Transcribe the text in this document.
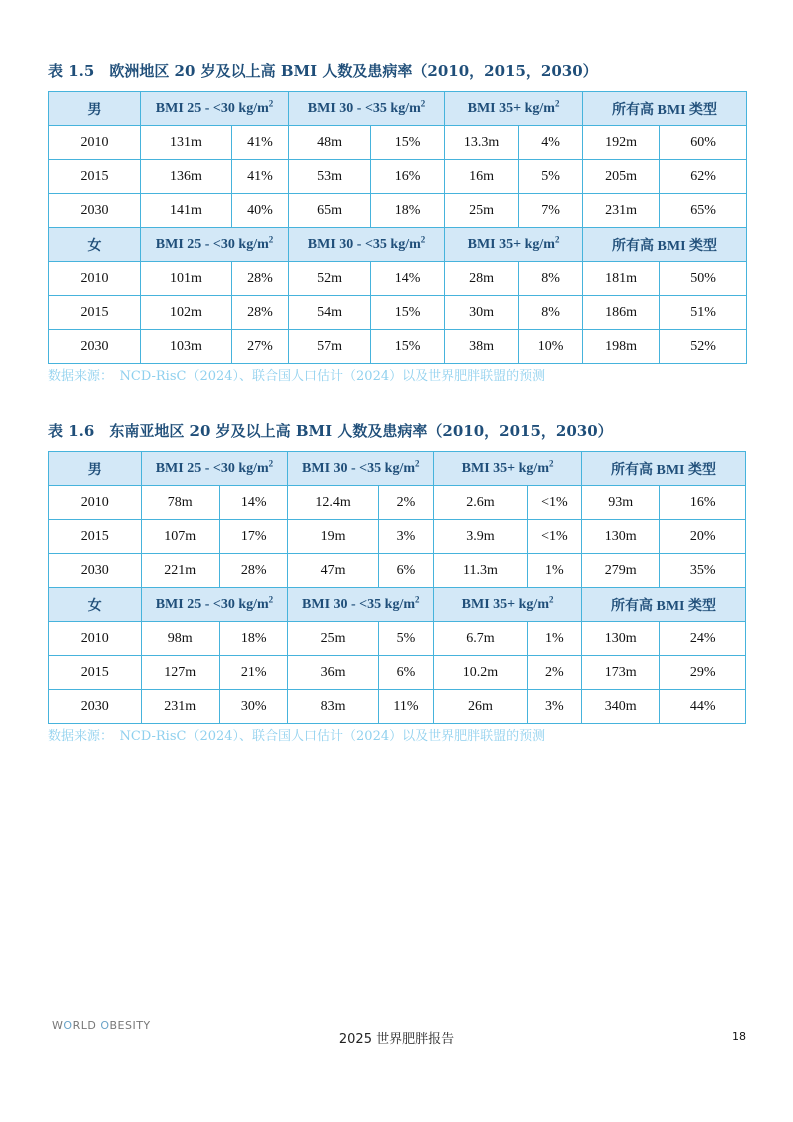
表 1.5　欧洲地区 20 岁及以上高 BMI 人数及患病率（2010，2015，2030）
男	BMI 25 - <30 $kg/m^2$		BMI 30 - <35 $kg/m^2$		BMI $35+ kg/m^2$		所有高 BMI 类型	
2010	131m	41%	48m	15%	13.3m	4%	192m	60%
2015	136m	41%	53m	16%	16m	5%	205m	62%
2030	141m	40%	65m	18%	25m	7%	231m	65%
女	BMI 25 - <30 $kg/m^2$		BMI 30 - <35 $kg/m^2$		BMI $35+ kg/m^2$		所有高 BMI 类型	
2010	101m	28%	52m	14%	28m	8%	181m	50%
2015	102m	28%	54m	15%	30m	8%	186m	51%
2030	103m	27%	57m	15%	38m	10%	198m	52%
数据来源：　NCD-RisC（2024）、联合国人口估计（2024）以及世界肥胖联盟的预测
表 1.6　东南亚地区 20 岁及以上高 BMI 人数及患病率（2010，2015，2030）
男	BMI 25 - <30 $kg/m^2$		BMI 30 - <35 $kg/m^2$		BMI $35+ kg/m^2$		所有高 BMI 类型	
2010	78m	14%	12.4m	2%	2.6m	<1%	93m	16%
2015	107m	17%	19m	3%	3.9m	<1%	130m	20%
2030	221m	28%	47m	6%	11.3m	1%	279m	35%
女	BMI 25 - <30 $kg/m^2$		BMI 30 - <35 $kg/m^2$		BMI $35+ kg/m^2$		所有高 BMI 类型	
2010	98m	18%	25m	5%	6.7m	1%	130m	24%
2015	127m	21%	36m	6%	10.2m	2%	173m	29%
2030	231m	30%	83m	11%	26m	3%	340m	44%
数据来源：　NCD-RisC（2024）、联合国人口估计（2024）以及世界肥胖联盟的预测
WORLD OBESITY
2025 世界肥胖报告	18
